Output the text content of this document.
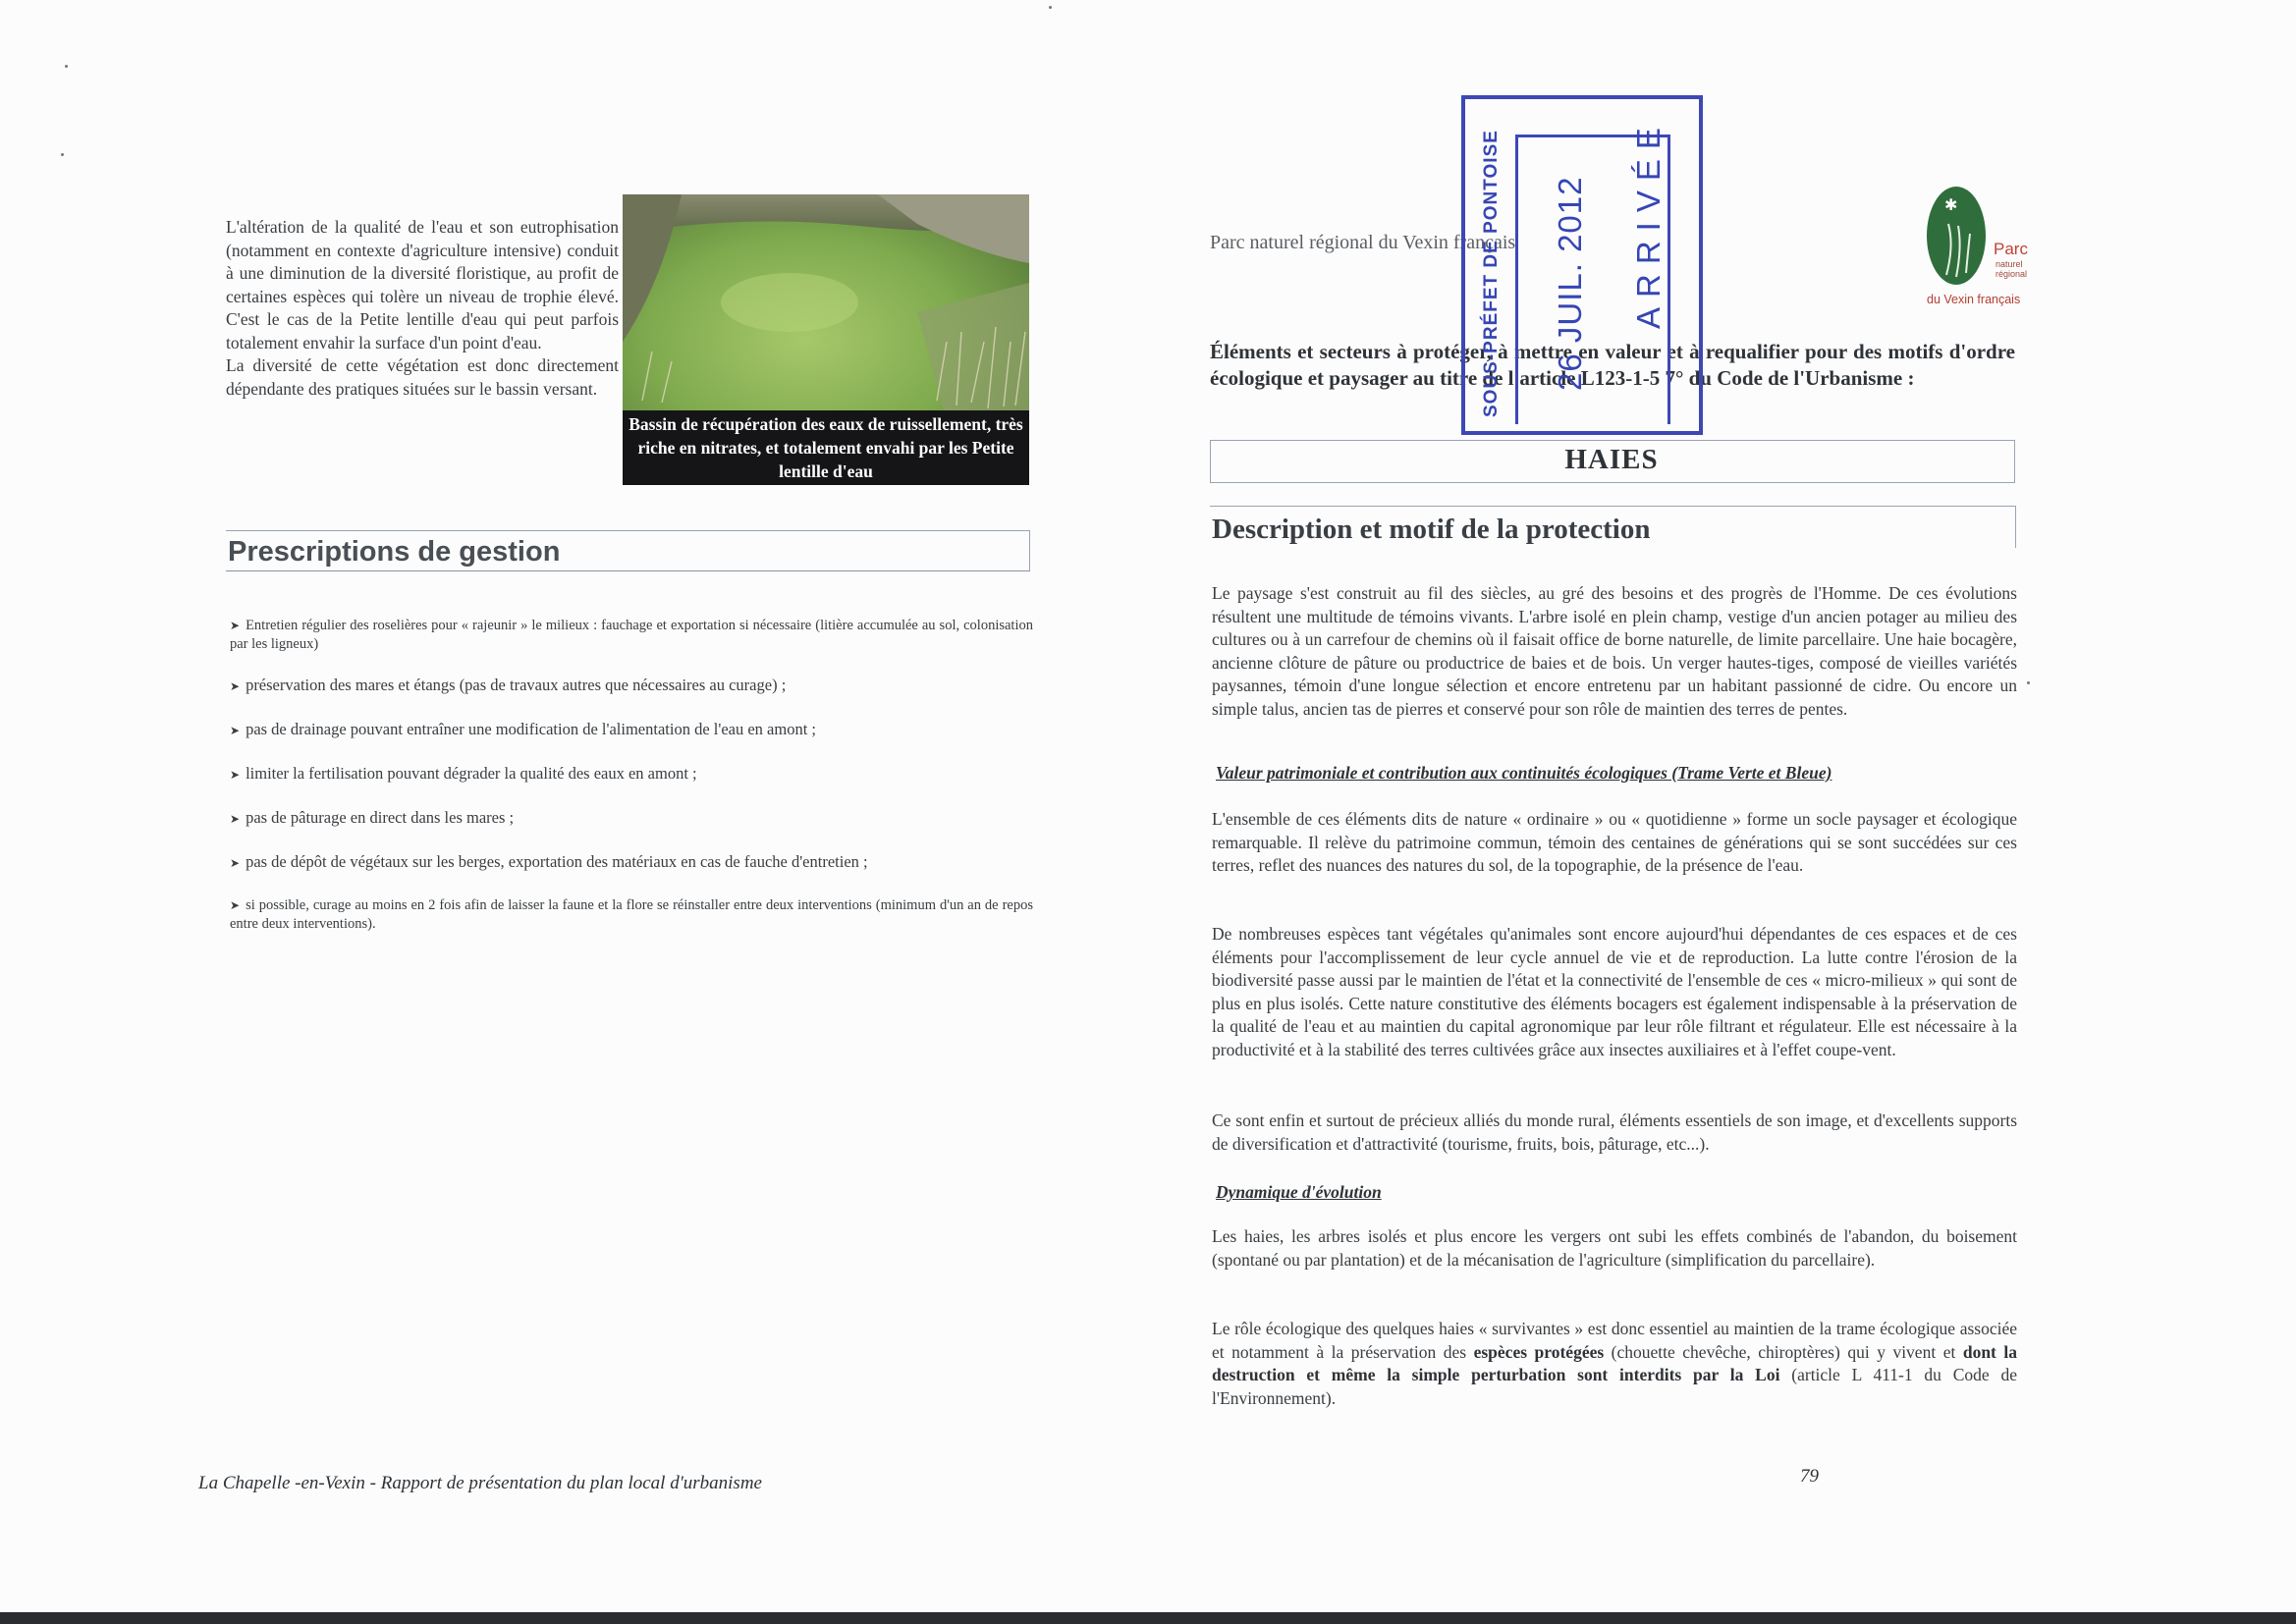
L'altération de la qualité de l'eau et son eutrophisation (notamment en contexte d'agriculture intensive) conduit à une diminution de la diversité floristique, au profit de certaines espèces qui tolère un niveau de trophie élevé. C'est le cas de la Petite lentille d'eau qui peut parfois totalement envahir la surface d'un point d'eau.

La diversité de cette végétation est donc directement dépendante des pratiques situées sur le bassin versant.

Bassin de récupération des eaux de ruissellement, très riche en nitrates, et totalement envahi par les Petite lentille d'eau
Prescriptions de gestion
➤ Entretien régulier des roselières pour « rajeunir » le milieux : fauchage et exportation si nécessaire (litière accumulée au sol, colonisation par les ligneux)
➤ préservation des mares et étangs (pas de travaux autres que nécessaires au curage) ;
➤ pas de drainage pouvant entraîner une modification de l'alimentation de l'eau en amont ;
➤ limiter la fertilisation pouvant dégrader la qualité des eaux en amont ;
➤ pas de pâturage en direct dans les mares ;
➤ pas de dépôt de végétaux sur les berges, exportation des matériaux en cas de fauche d'entretien ;
➤ si possible, curage au moins en 2 fois afin de laisser la faune et la flore se réinstaller entre deux interventions (minimum d'un an de repos entre deux interventions).
La Chapelle -en-Vexin - Rapport de présentation du plan local d'urbanisme
Parc naturel régional du Vexin français
✱
Parc
naturel régional
du Vexin français
Éléments et secteurs à protéger, à mettre en valeur et à requalifier pour des motifs d'ordre écologique et paysager au titre de l'article L123-1-5 7° du Code de l'Urbanisme :
HAIES
Description et motif de la protection

Le paysage s'est construit au fil des siècles, au gré des besoins et des progrès de l'Homme. De ces évolutions résultent une multitude de témoins vivants. L'arbre isolé en plein champ, vestige d'un ancien potager au milieu des cultures ou à un carrefour de chemins où il faisait office de borne naturelle, de limite parcellaire. Une haie bocagère, ancienne clôture de pâture ou productrice de baies et de bois. Un verger hautes-tiges, composé de vieilles variétés paysannes, témoin d'une longue sélection et encore entretenu par un habitant passionné de cidre. Ou encore un simple talus, ancien tas de pierres et conservé pour son rôle de maintien des terres de pentes.

Valeur patrimoniale et contribution aux continuités écologiques (Trame Verte et Bleue)

L'ensemble de ces éléments dits de nature « ordinaire » ou « quotidienne » forme un socle paysager et écologique remarquable. Il relève du patrimoine commun, témoin des centaines de générations qui se sont succédées sur ces terres, reflet des nuances des natures du sol, de la topographie, de la présence de l'eau.

De nombreuses espèces tant végétales qu'animales sont encore aujourd'hui dépendantes de ces espaces et de ces éléments pour l'accomplissement de leur cycle annuel de vie et de reproduction. La lutte contre l'érosion de la biodiversité passe aussi par le maintien de l'état et la connectivité de l'ensemble de ces « micro-milieux » qui sont de plus en plus isolés. Cette nature constitutive des éléments bocagers est également indispensable à la préservation de la qualité de l'eau et au maintien du capital agronomique par leur rôle filtrant et régulateur. Elle est nécessaire à la productivité et à la stabilité des terres cultivées grâce aux insectes auxiliaires et à l'effet coupe-vent.

Ce sont enfin et surtout de précieux alliés du monde rural, éléments essentiels de son image, et d'excellents supports de diversification et d'attractivité (tourisme, fruits, bois, pâturage, etc...).

Dynamique d'évolution

Les haies, les arbres isolés et plus encore les vergers ont subi les effets combinés de l'abandon, du boisement (spontané ou par plantation) et de la mécanisation de l'agriculture (simplification du parcellaire).

Le rôle écologique des quelques haies « survivantes » est donc essentiel au maintien de la trame écologique associée et notamment à la préservation des espèces protégées (chouette chevêche, chiroptères) qui y vivent et dont la destruction et même la simple perturbation sont interdits par la Loi (article L 411-1 du Code de l'Environnement).

79
SOUS-PRÉFET DE PONTOISE 26 JUIL. 2012 ARRIVÉE
